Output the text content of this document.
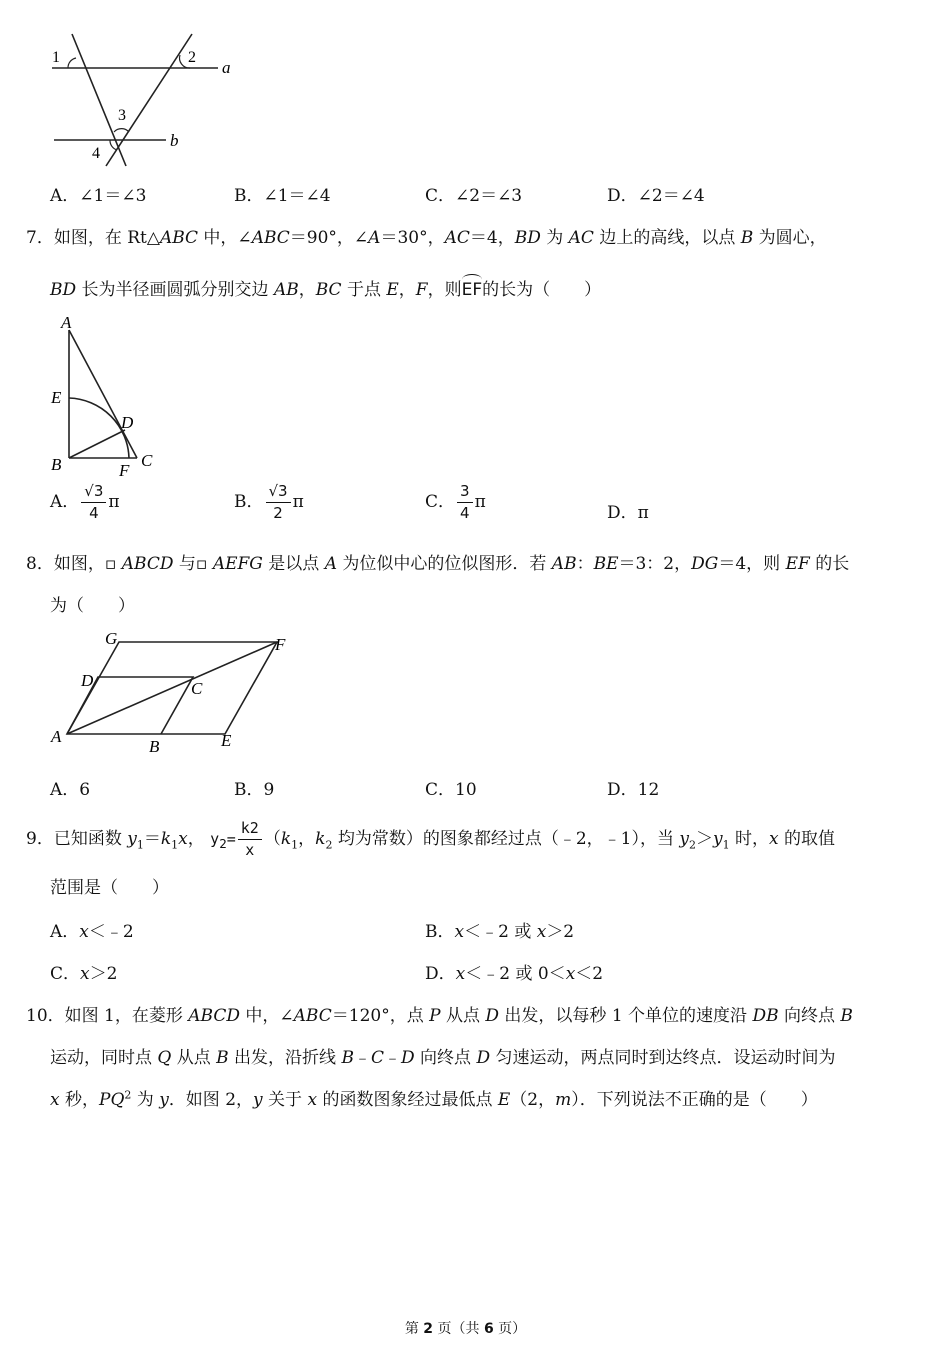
1	2
3
4
a
b
A．∠1＝∠3	B．∠1＝∠4	C．∠2＝∠3	D．∠2＝∠4
7．如图，在 Rt△ABC 中，∠ABC＝90°，∠A＝30°，AC＝4，BD 为 AC 边上的高线，以点 B 为圆心，
BD 长为半径画圆弧分别交边 AB，BC 于点 E，F，则EF的长为（　　）
A
E
D
B	F
C
A． $\frac{√3}{4}$ π	B． $\frac{√3}{2}$ π	C． $\frac{3}{4}$ π
D．π
8．如图，▫ ABCD 与▫ AEFG 是以点 A 为位似中心的位似图形．若 AB：BE＝3：2，DG＝4，则 EF 的长
为（　　）
G	F
D	C
A
B	E
A．6	B．9	C．10	D．12
9．已知函数 $y_1=k_1x$， $y_2= \frac{k2}{x} (k_1$，$k_2$ 均为常数）的图象都经过点（﹣2，﹣1），当 $y_2>y_1$ 时，x 的取值
范围是（　　）
A．x＜﹣2	B．x＜﹣2 或 x＞2
C．x＞2	D．x＜﹣2 或 0＜x＜2
10．如图 1，在菱形 ABCD 中，∠ABC＝120°，点 P 从点 D 出发，以每秒 1 个单位的速度沿 DB 向终点 B
运动，同时点 Q 从点 B 出发，沿折线 B﹣C﹣D 向终点 D 匀速运动，两点同时到达终点．设运动时间为
x 秒，$PQ^2$ 为 y．如图 2，y 关于 x 的函数图象经过最低点 E（2，m）．下列说法不正确的是（　　）
第 2 页（共 6 页）
